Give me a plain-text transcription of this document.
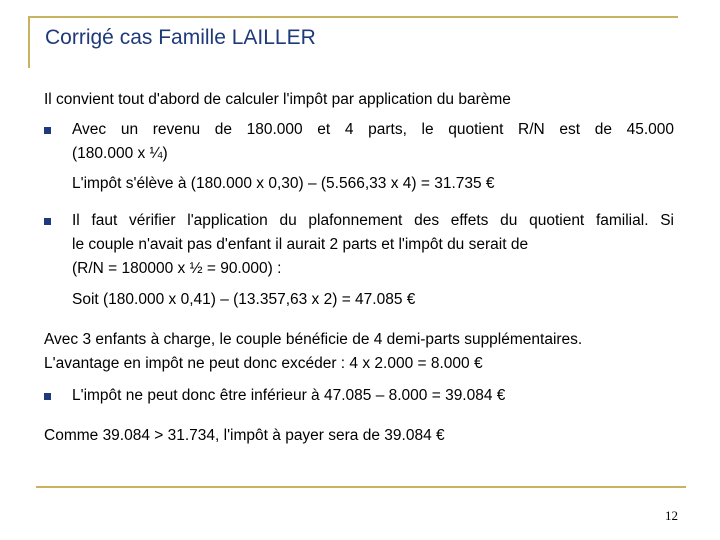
Corrigé cas Famille LAILLER
Il convient tout d'abord de calculer l'impôt par application du barème
Avec un revenu de 180.000 et 4 parts, le quotient R/N est de 45.000
(180.000 x ¼)
L'impôt s'élève à (180.000 x 0,30) – (5.566,33 x 4) = 31.735 €
Il faut vérifier l'application du plafonnement des effets du quotient familial. Si
le couple n'avait pas d'enfant il aurait 2 parts et l'impôt du serait de
(R/N = 180000 x ½ = 90.000) :
Soit (180.000 x 0,41) – (13.357,63 x 2) = 47.085 €
Avec 3 enfants à charge, le couple bénéficie de 4 demi-parts supplémentaires.
L'avantage en impôt ne peut donc excéder : 4 x 2.000 = 8.000 €
L'impôt ne peut donc être inférieur à 47.085 – 8.000 = 39.084 €
Comme 39.084 > 31.734, l'impôt à payer sera de 39.084 €
12
